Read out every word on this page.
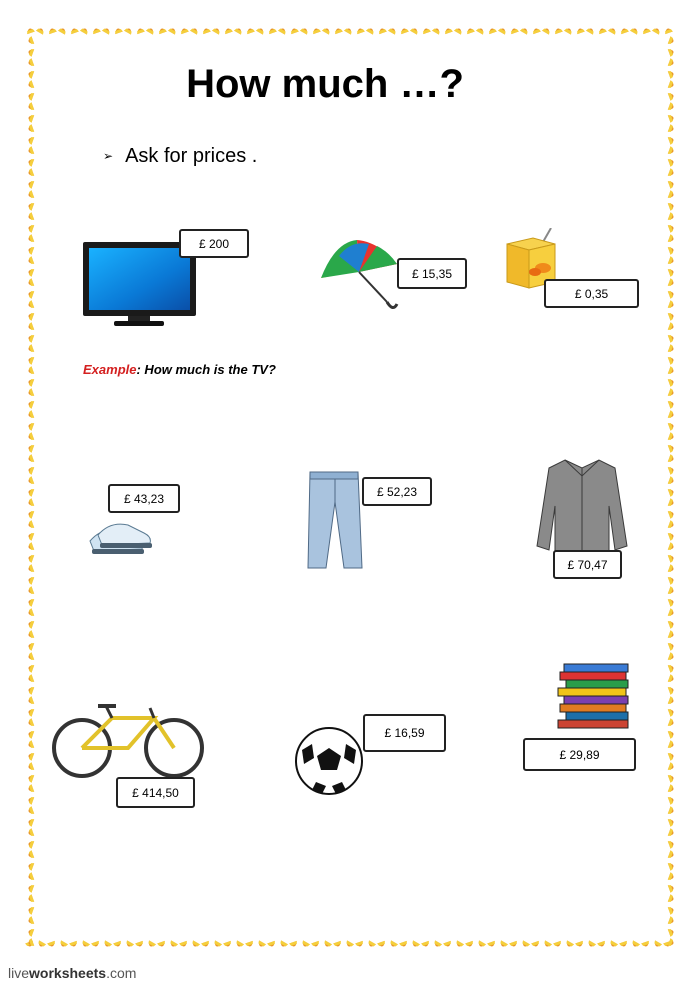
How much …?
➢ Ask for prices .
£ 200
£ 15,35
£ 0,35
Example: How much is the TV?
£ 43,23	£ 52,23
£ 70,47
£ 414,50
£ 16,59
£ 29,89
liveworksheets.com
